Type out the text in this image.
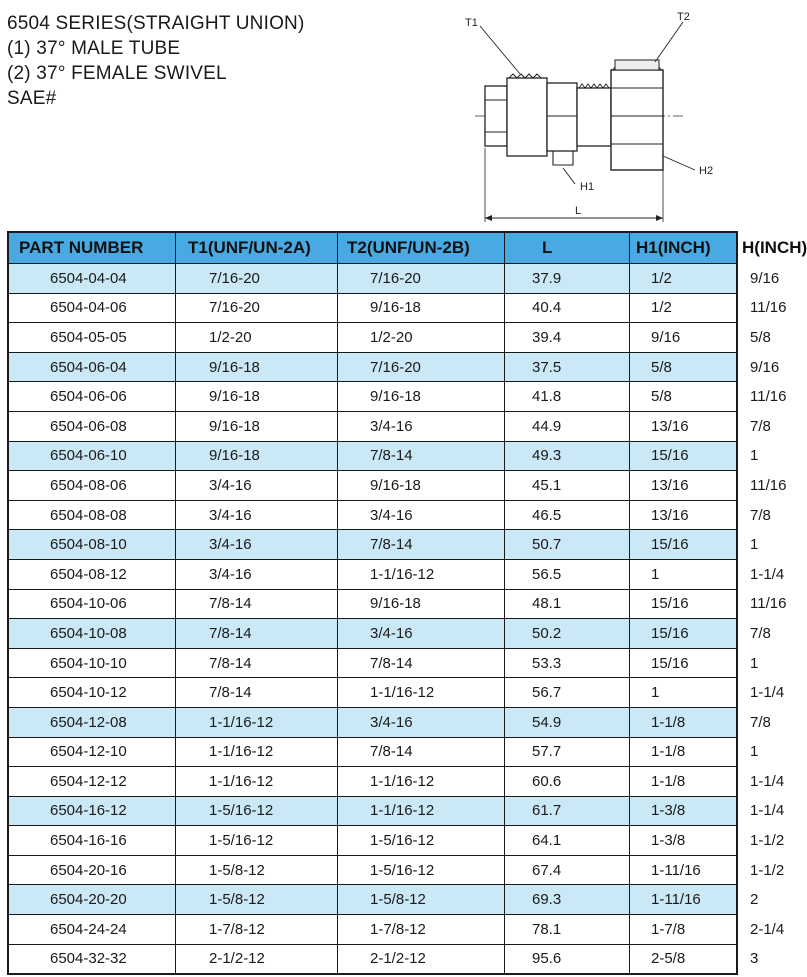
6504 SERIES(STRAIGHT UNION)
(1) 37° MALE TUBE
(2) 37° FEMALE SWIVEL
SAE#
T1	T2
H1
H2
L
PART NUMBER	T1(UNF/UN-2A)	T2(UNF/UN-2B)	L	H1(INCH)	H(INCH)
6504-04-04	7/16-20	7/16-20	37.9	1/2	9/16
6504-04-06	7/16-20	9/16-18	40.4	1/2	11/16
6504-05-05	1/2-20	1/2-20	39.4	9/16	5/8
6504-06-04	9/16-18	7/16-20	37.5	5/8	9/16
6504-06-06	9/16-18	9/16-18	41.8	5/8	11/16
6504-06-08	9/16-18	3/4-16	44.9	13/16	7/8
6504-06-10	9/16-18	7/8-14	49.3	15/16	1
6504-08-06	3/4-16	9/16-18	45.1	13/16	11/16
6504-08-08	3/4-16	3/4-16	46.5	13/16	7/8
6504-08-10	3/4-16	7/8-14	50.7	15/16	1
6504-08-12	3/4-16	1-1/16-12	56.5	1	1-1/4
6504-10-06	7/8-14	9/16-18	48.1	15/16	11/16
6504-10-08	7/8-14	3/4-16	50.2	15/16	7/8
6504-10-10	7/8-14	7/8-14	53.3	15/16	1
6504-10-12	7/8-14	1-1/16-12	56.7	1	1-1/4
6504-12-08	1-1/16-12	3/4-16	54.9	1-1/8	7/8
6504-12-10	1-1/16-12	7/8-14	57.7	1-1/8	1
6504-12-12	1-1/16-12	1-1/16-12	60.6	1-1/8	1-1/4
6504-16-12	1-5/16-12	1-1/16-12	61.7	1-3/8	1-1/4
6504-16-16	1-5/16-12	1-5/16-12	64.1	1-3/8	1-1/2
6504-20-16	1-5/8-12	1-5/16-12	67.4	1-11/16	1-1/2
6504-20-20	1-5/8-12	1-5/8-12	69.3	1-11/16	2
6504-24-24	1-7/8-12	1-7/8-12	78.1	1-7/8	2-1/4
6504-32-32	2-1/2-12	2-1/2-12	95.6	2-5/8	3
